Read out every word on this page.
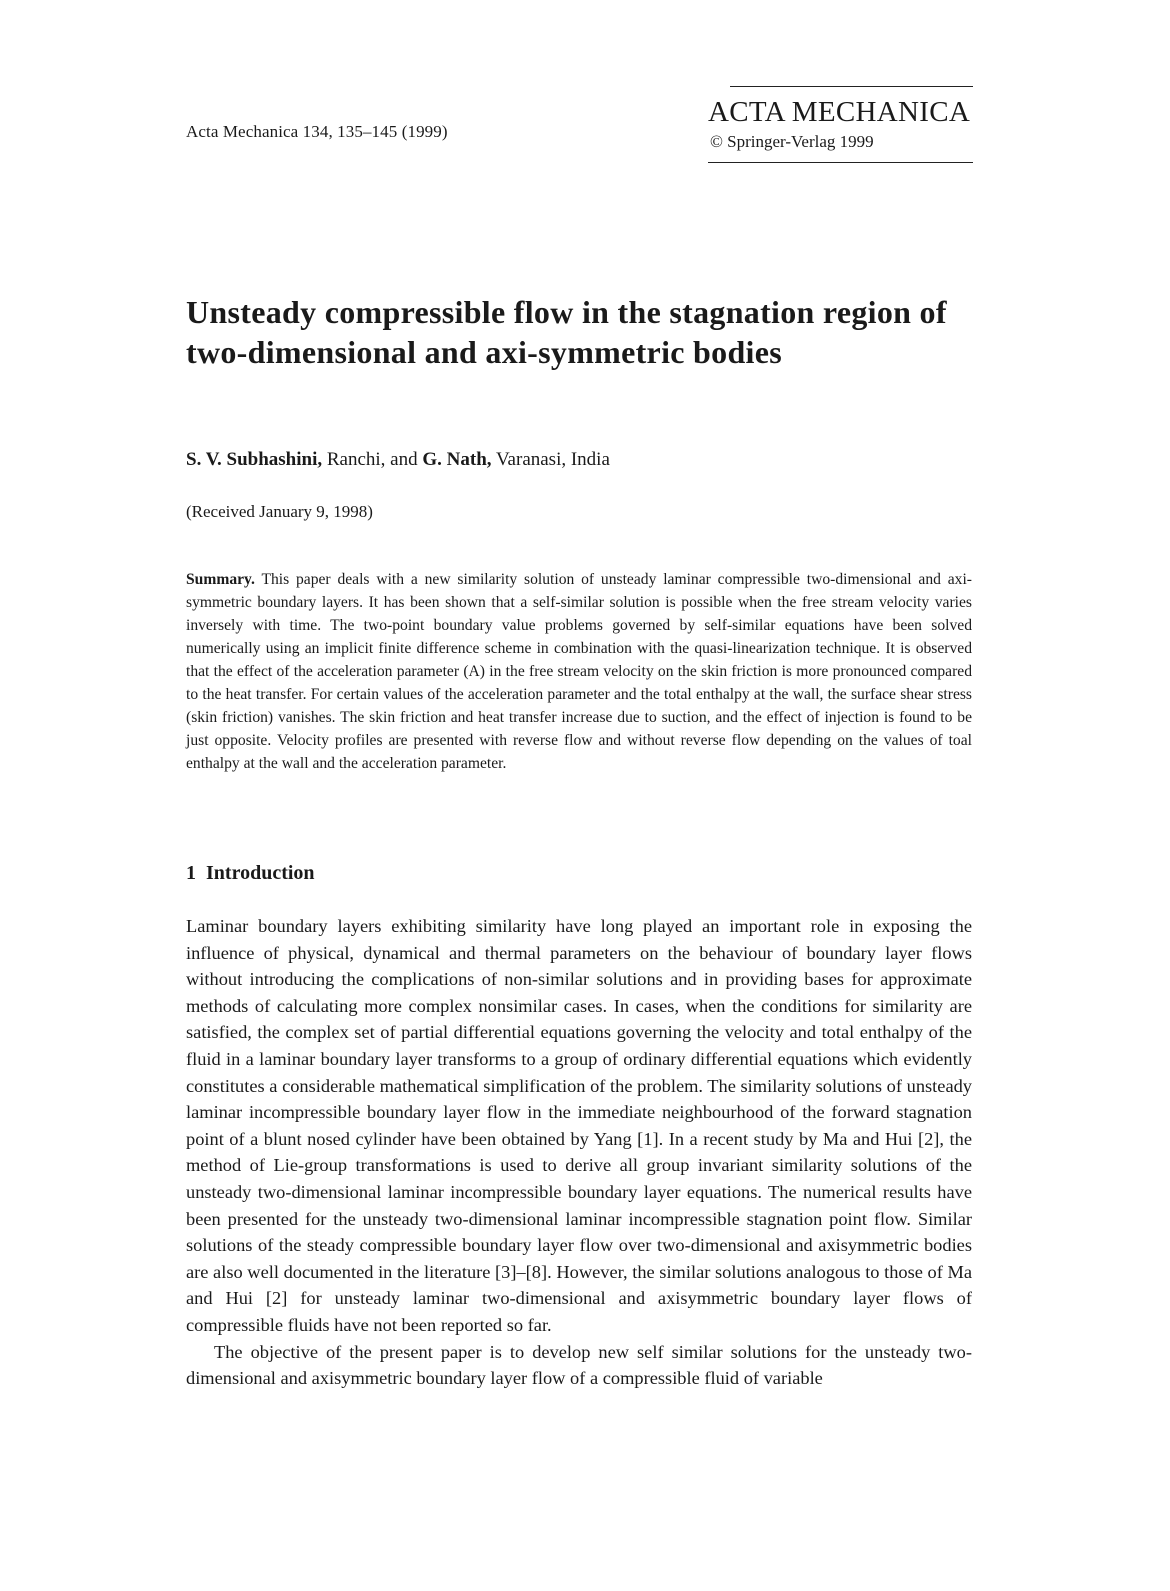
Acta Mechanica 134, 135–145 (1999)
ACTA MECHANICA
© Springer-Verlag 1999
Unsteady compressible flow in the stagnation region of two-dimensional and axi-symmetric bodies
S. V. Subhashini, Ranchi, and G. Nath, Varanasi, India
(Received January 9, 1998)

Summary. This paper deals with a new similarity solution of unsteady laminar compressible two-dimensional and axi-symmetric boundary layers. It has been shown that a self-similar solution is possible when the free stream velocity varies inversely with time. The two-point boundary value problems governed by self-similar equations have been solved numerically using an implicit finite difference scheme in combination with the quasi-linearization technique. It is observed that the effect of the acceleration parameter (A) in the free stream velocity on the skin friction is more pronounced compared to the heat transfer. For certain values of the acceleration parameter and the total enthalpy at the wall, the surface shear stress (skin friction) vanishes. The skin friction and heat transfer increase due to suction, and the effect of injection is found to be just opposite. Velocity profiles are presented with reverse flow and without reverse flow depending on the values of toal enthalpy at the wall and the acceleration parameter.

1 Introduction

Laminar boundary layers exhibiting similarity have long played an important role in exposing the influence of physical, dynamical and thermal parameters on the behaviour of boundary layer flows without introducing the complications of non-similar solutions and in providing bases for approximate methods of calculating more complex nonsimilar cases. In cases, when the conditions for similarity are satisfied, the complex set of partial differential equations governing the velocity and total enthalpy of the fluid in a laminar boundary layer transforms to a group of ordinary differential equations which evidently constitutes a considerable mathematical simplification of the problem. The similarity solutions of unsteady laminar incompressible boundary layer flow in the immediate neighbourhood of the forward stagnation point of a blunt nosed cylinder have been obtained by Yang [1]. In a recent study by Ma and Hui [2], the method of Lie-group transformations is used to derive all group invariant similarity solutions of the unsteady two-dimensional laminar incompressible boundary layer equations. The numerical results have been presented for the unsteady two-dimensional laminar incompressible stagnation point flow. Similar solutions of the steady compressible boundary layer flow over two-dimensional and axisymmetric bodies are also well documented in the literature [3]–[8]. However, the similar solutions analogous to those of Ma and Hui [2] for unsteady laminar two-dimensional and axisymmetric boundary layer flows of compressible fluids have not been reported so far.

The objective of the present paper is to develop new self similar solutions for the unsteady two-dimensional and axisymmetric boundary layer flow of a compressible fluid of variable
